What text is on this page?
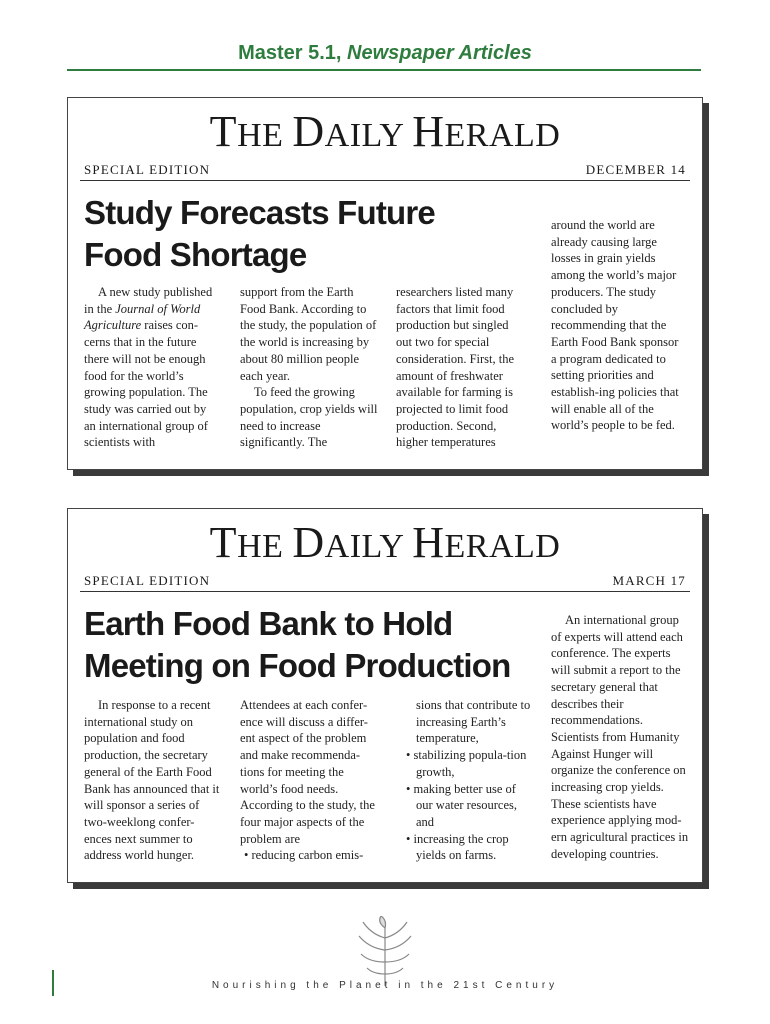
Master 5.1, Newspaper Articles
THE DAILY HERALD
SPECIAL EDITION	DECEMBER 14
Study Forecasts Future
Food Shortage

A new study published in the Journal of World Agriculture raises con-cerns that in the future there will not be enough food for the world’s growing population. The study was carried out by an international group of scientists with

support from the Earth Food Bank. According to the study, the population of the world is increasing by about 80 million people each year.

To feed the growing population, crop yields will need to increase significantly. The

researchers listed many factors that limit food production but singled out two for special consideration. First, the amount of freshwater available for farming is projected to limit food production. Second, higher temperatures

around the world are already causing large losses in grain yields among the world’s major producers. The study concluded by recommending that the Earth Food Bank sponsor a program dedicated to setting priorities and establish-ing policies that will enable all of the world’s people to be fed.

THE DAILY HERALD
SPECIAL EDITION	MARCH 17
Earth Food Bank to Hold
Meeting on Food Production

In response to a recent international study on population and food production, the secretary general of the Earth Food Bank has announced that it will sponsor a series of two-weeklong confer-ences next summer to address world hunger.

Attendees at each confer-ence will discuss a differ-ent aspect of the problem and make recommenda-tions for meeting the world’s food needs. According to the study, the four major aspects of the problem are

• reducing carbon emis-

sions that contribute to increasing Earth’s temperature,

• stabilizing popula-tion growth,
• making better use of our water resources, and
• increasing the crop yields on farms.

An international group of experts will attend each conference. The experts will submit a report to the secretary general that describes their recommendations. Scientists from Humanity Against Hunger will organize the conference on increasing crop yields. These scientists have experience applying mod-ern agricultural practices in developing countries.

Nourishing the Planet in the 21st Century
